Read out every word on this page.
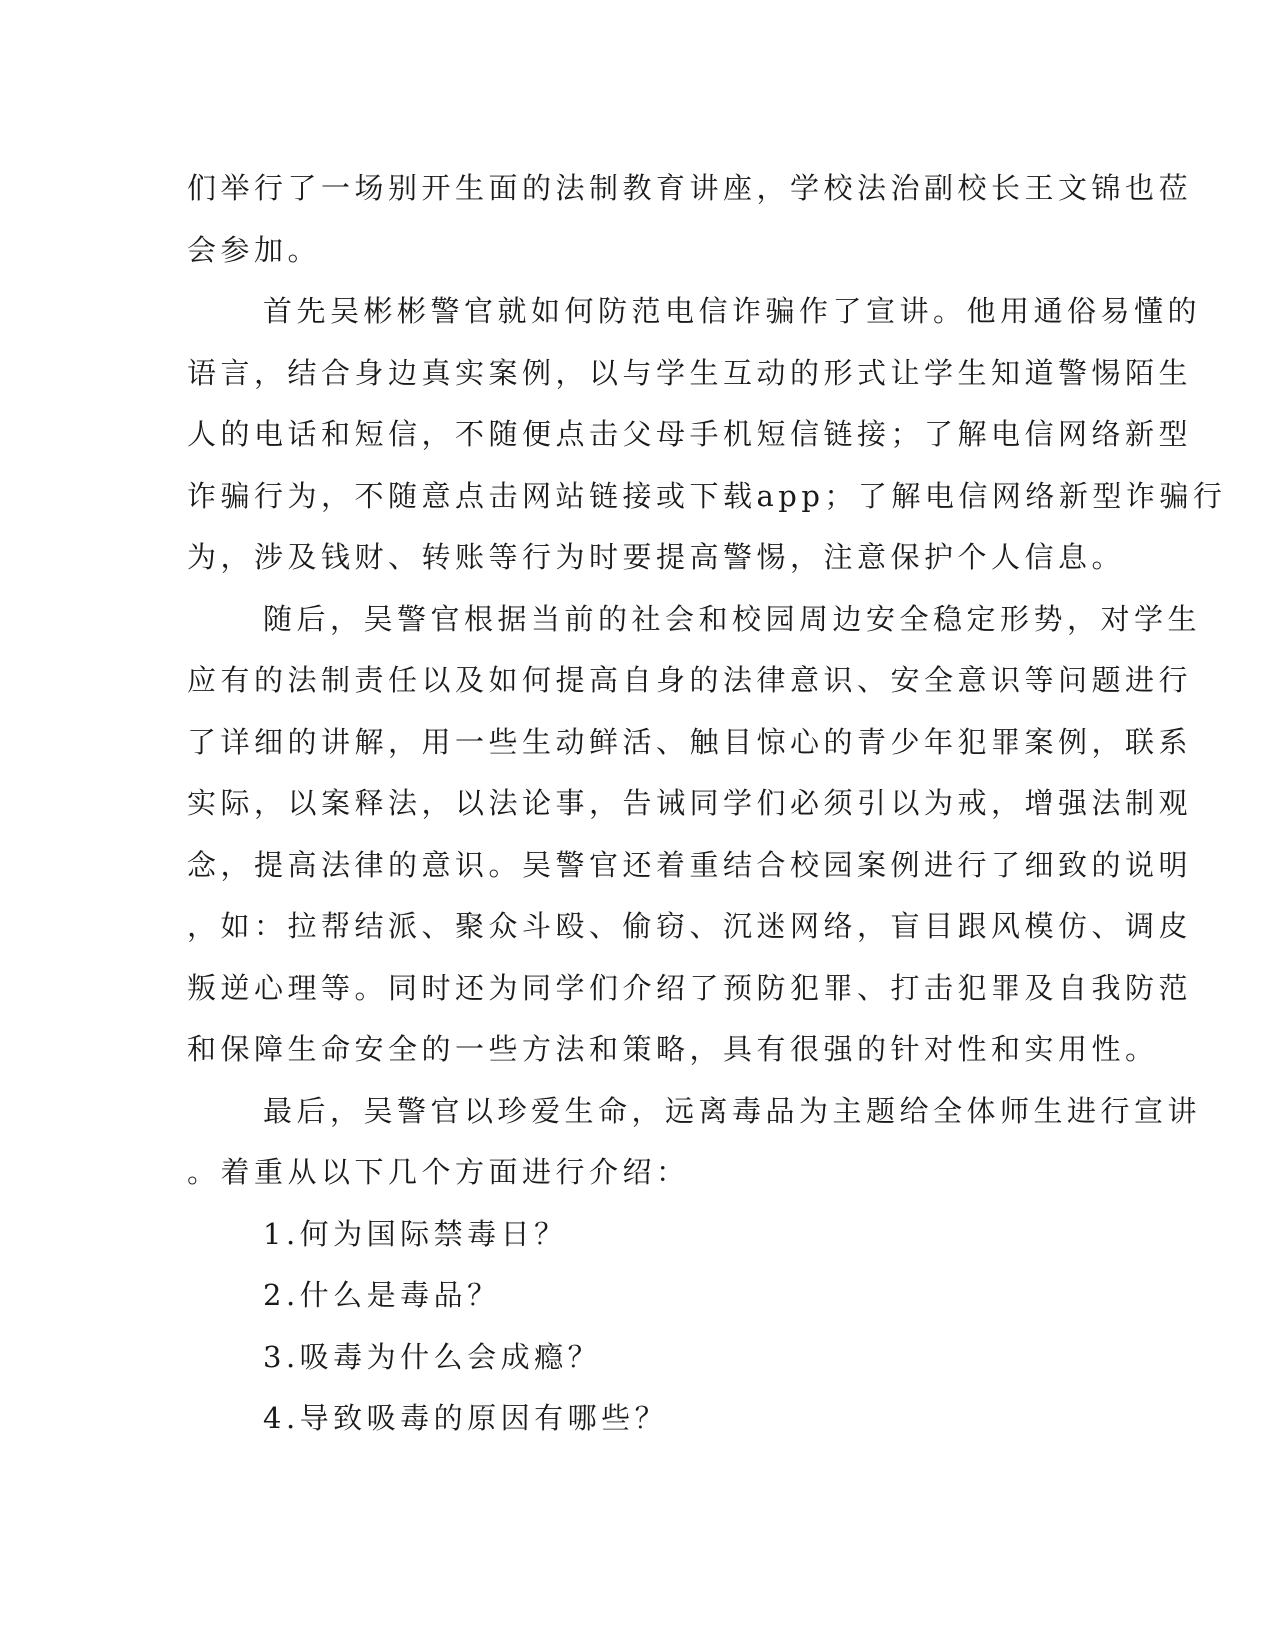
们举行了一场别开生面的法制教育讲座，学校法治副校长王文锦也莅
会参加。
首先吴彬彬警官就如何防范电信诈骗作了宣讲。他用通俗易懂的
语言，结合身边真实案例，以与学生互动的形式让学生知道警惕陌生
人的电话和短信，不随便点击父母手机短信链接；了解电信网络新型
诈骗行为，不随意点击网站链接或下载app；了解电信网络新型诈骗行
为，涉及钱财、转账等行为时要提高警惕，注意保护个人信息。
随后，吴警官根据当前的社会和校园周边安全稳定形势，对学生
应有的法制责任以及如何提高自身的法律意识、安全意识等问题进行
了详细的讲解，用一些生动鲜活、触目惊心的青少年犯罪案例，联系
实际，以案释法，以法论事，告诫同学们必须引以为戒，增强法制观
念，提高法律的意识。吴警官还着重结合校园案例进行了细致的说明
，如：拉帮结派、聚众斗殴、偷窃、沉迷网络，盲目跟风模仿、调皮
叛逆心理等。同时还为同学们介绍了预防犯罪、打击犯罪及自我防范
和保障生命安全的一些方法和策略，具有很强的针对性和实用性。
最后，吴警官以珍爱生命，远离毒品为主题给全体师生进行宣讲
。着重从以下几个方面进行介绍：
1.何为国际禁毒日？
2.什么是毒品？
3.吸毒为什么会成瘾？
4.导致吸毒的原因有哪些？
